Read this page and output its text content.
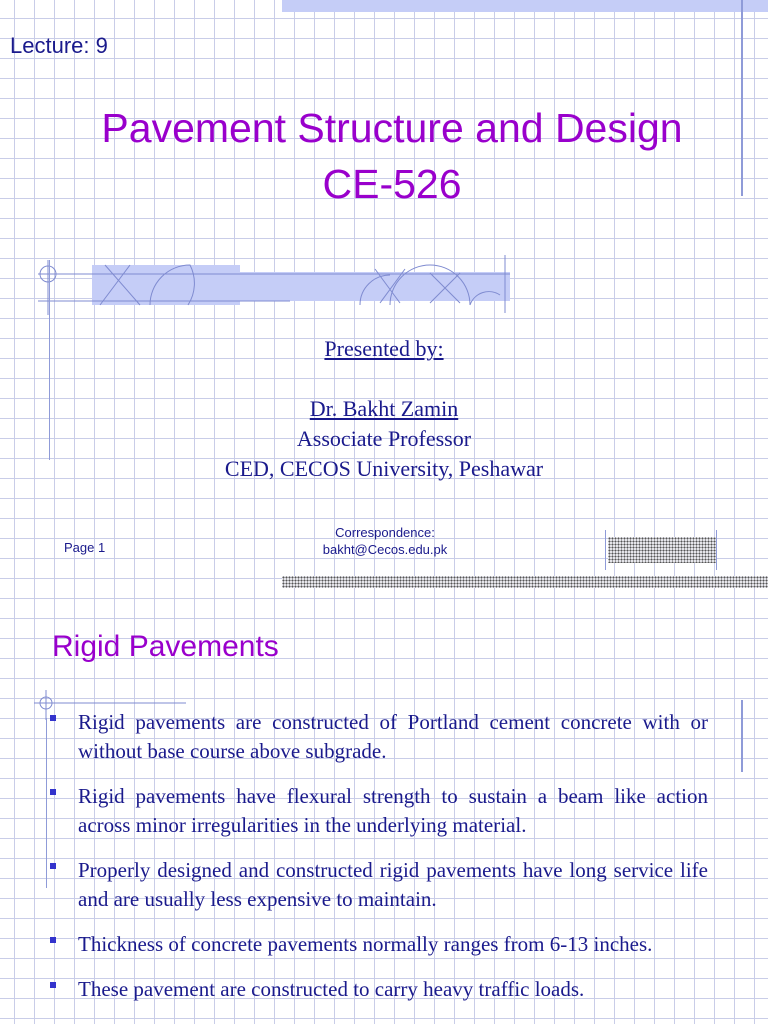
Lecture: 9
Pavement Structure and Design
CE-526
Presented by:
Dr. Bakht Zamin
Associate Professor
CED, CECOS University, Peshawar
Page 1
Correspondence:
bakht@Cecos.edu.pk
Rigid Pavements
Rigid pavements are constructed of Portland cement concrete with or without base course above subgrade.
Rigid pavements have flexural strength to sustain a beam like action across minor irregularities in the underlying material.
Properly designed and constructed rigid pavements have long service life and are usually less expensive to maintain.
Thickness of concrete pavements normally ranges from 6-13 inches.
These pavement are constructed to carry heavy traffic loads.
